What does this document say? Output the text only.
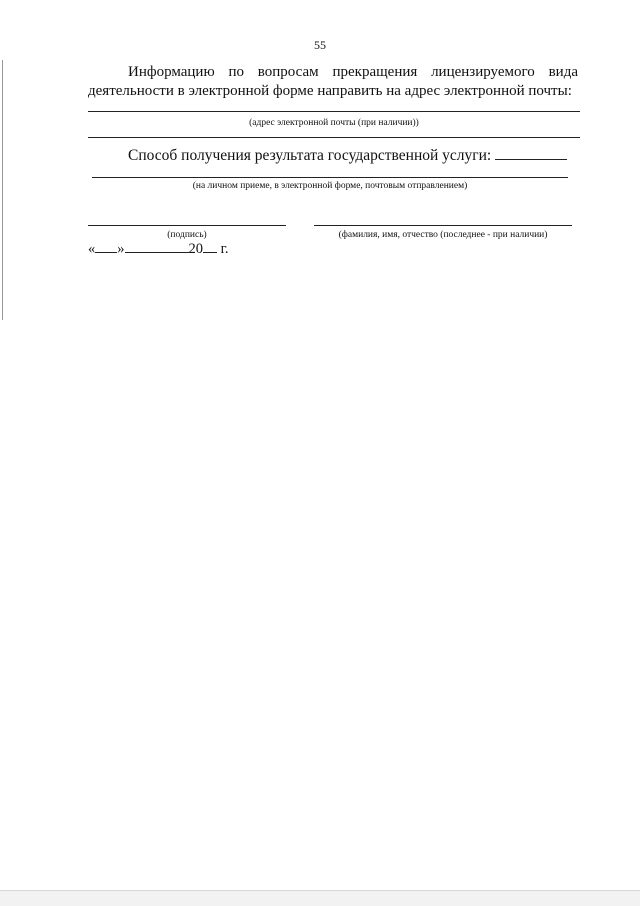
55
Информацию по вопросам прекращения лицензируемого вида
деятельности в электронной форме направить на адрес электронной почты:
(адрес электронной почты (при наличии))
Способ получения результата государственной услуги:
(на личном приеме, в электронной форме, почтовым отправлением)
(подпись)	(фамилия, имя, отчество (последнее - при наличии)
« »	20 г.
